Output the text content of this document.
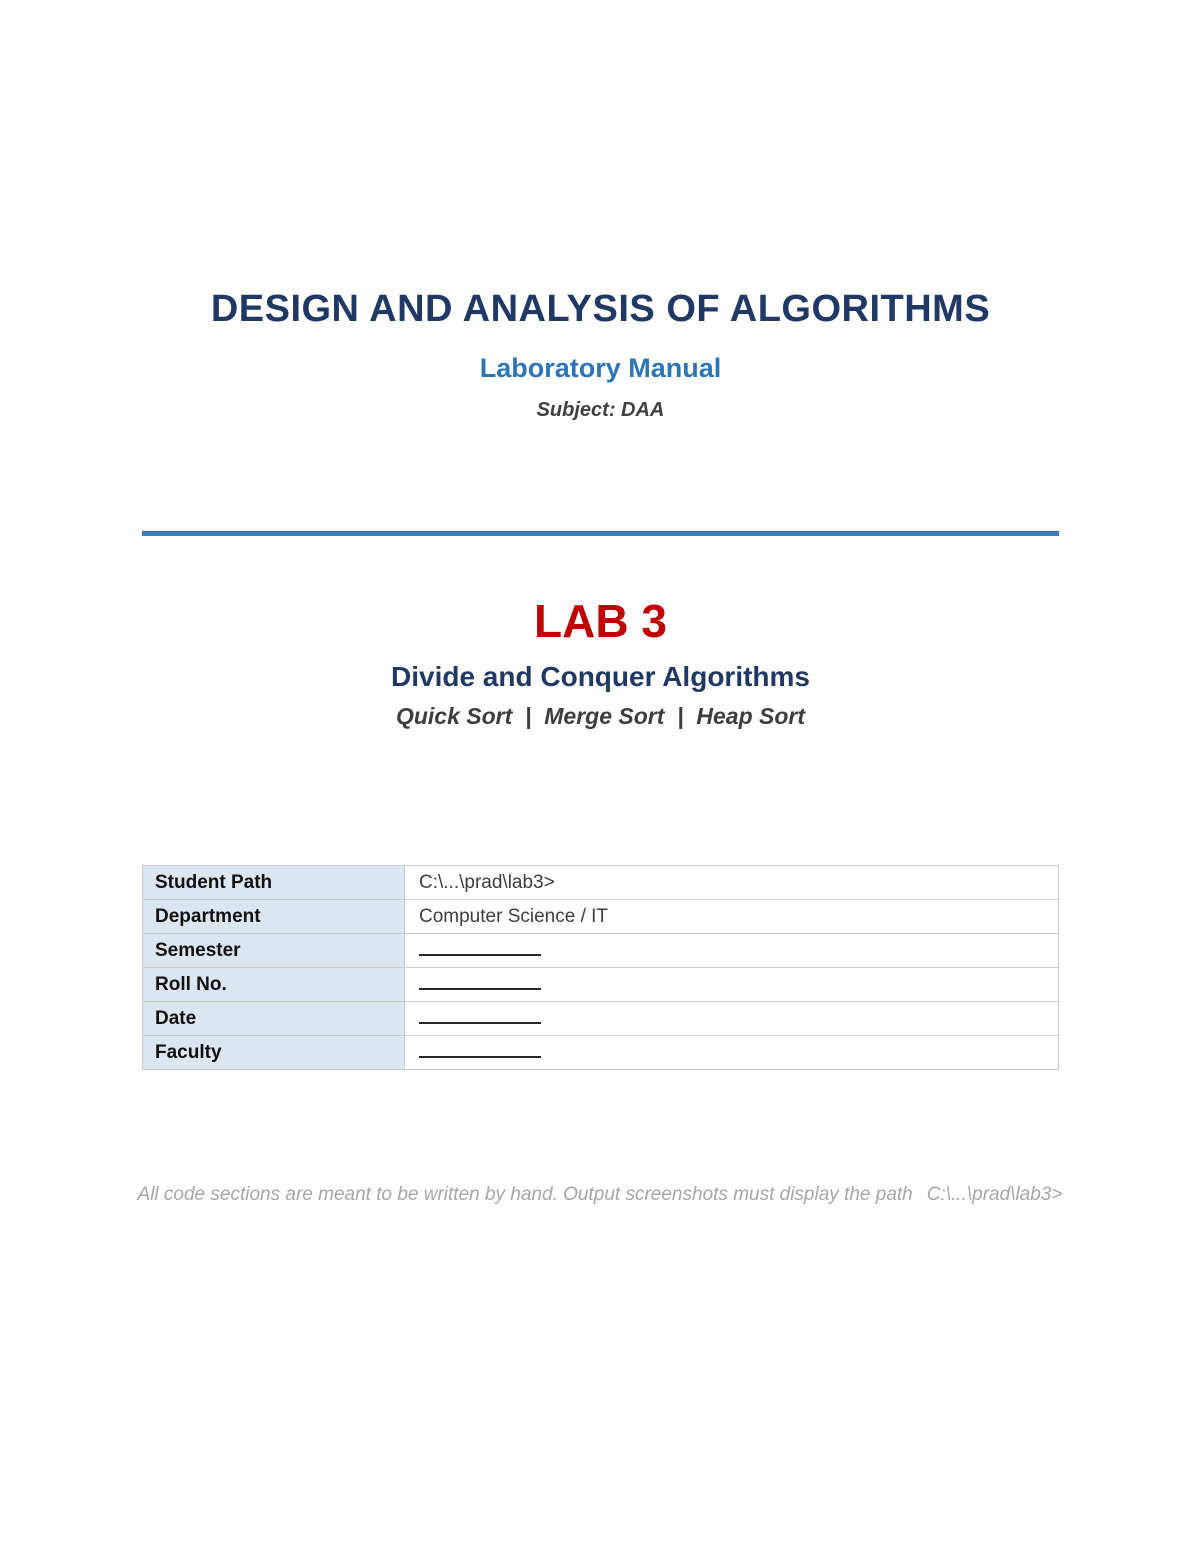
DESIGN AND ANALYSIS OF ALGORITHMS
Laboratory Manual
Subject: DAA
LAB 3
Divide and Conquer Algorithms
Quick Sort  |  Merge Sort  |  Heap Sort
Student Path	C:\...\prad\lab3>
Department	Computer Science / IT
Semester	
Roll No.	
Date	
Faculty	
All code sections are meant to be written by hand. Output screenshots must display the path C:\...\prad\lab3>
